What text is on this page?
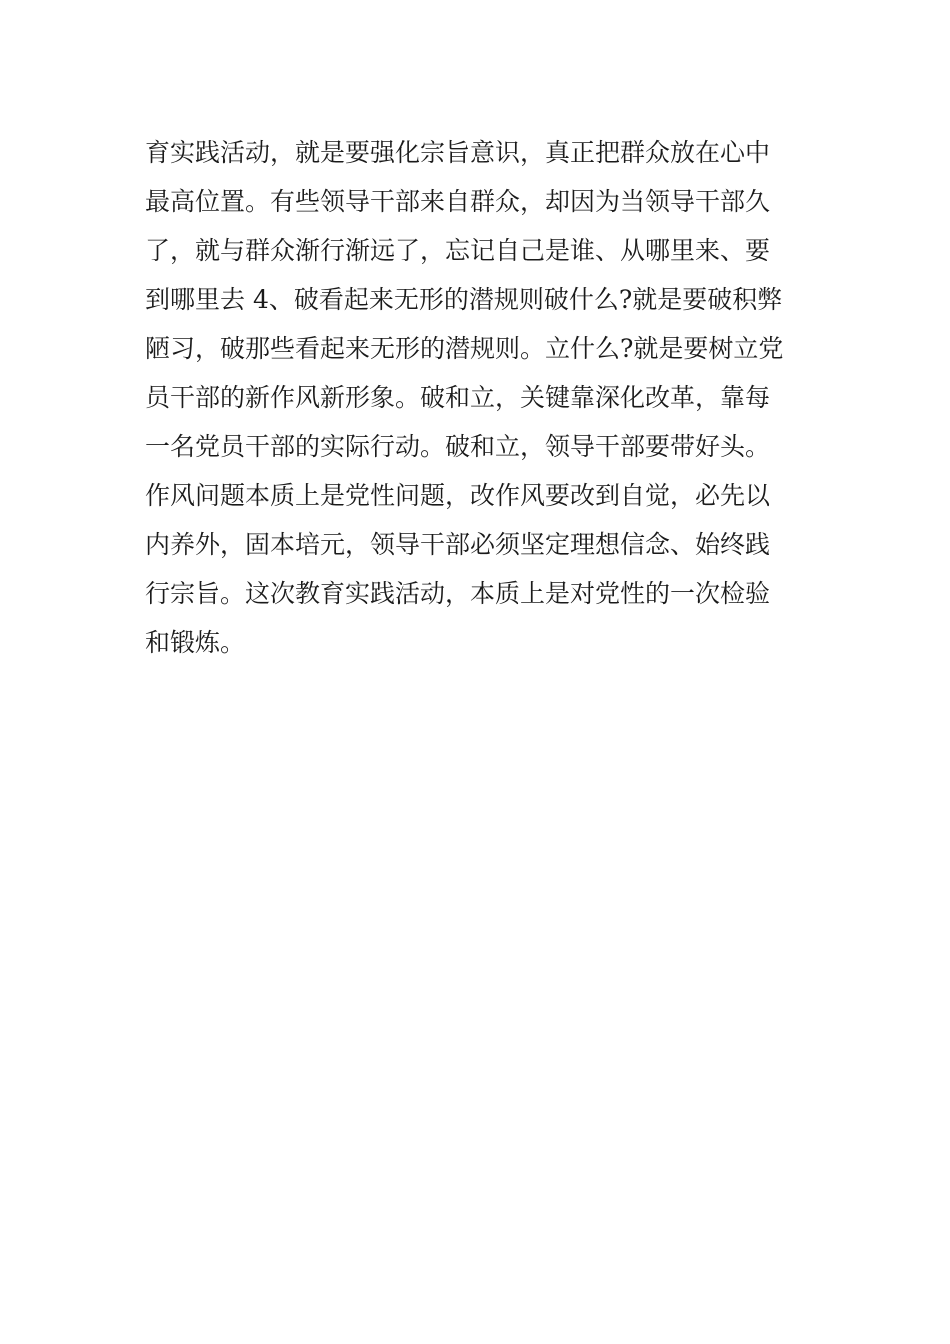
育实践活动，就是要强化宗旨意识，真正把群众放在心中
最高位置。有些领导干部来自群众，却因为当领导干部久
了，就与群众渐行渐远了，忘记自己是谁、从哪里来、要
到哪里去 4、破看起来无形的潜规则破什么?就是要破积弊
陋习，破那些看起来无形的潜规则。立什么?就是要树立党
员干部的新作风新形象。破和立，关键靠深化改革，靠每
一名党员干部的实际行动。破和立，领导干部要带好头。
作风问题本质上是党性问题，改作风要改到自觉，必先以
内养外，固本培元，领导干部必须坚定理想信念、始终践
行宗旨。这次教育实践活动，本质上是对党性的一次检验
和锻炼。
